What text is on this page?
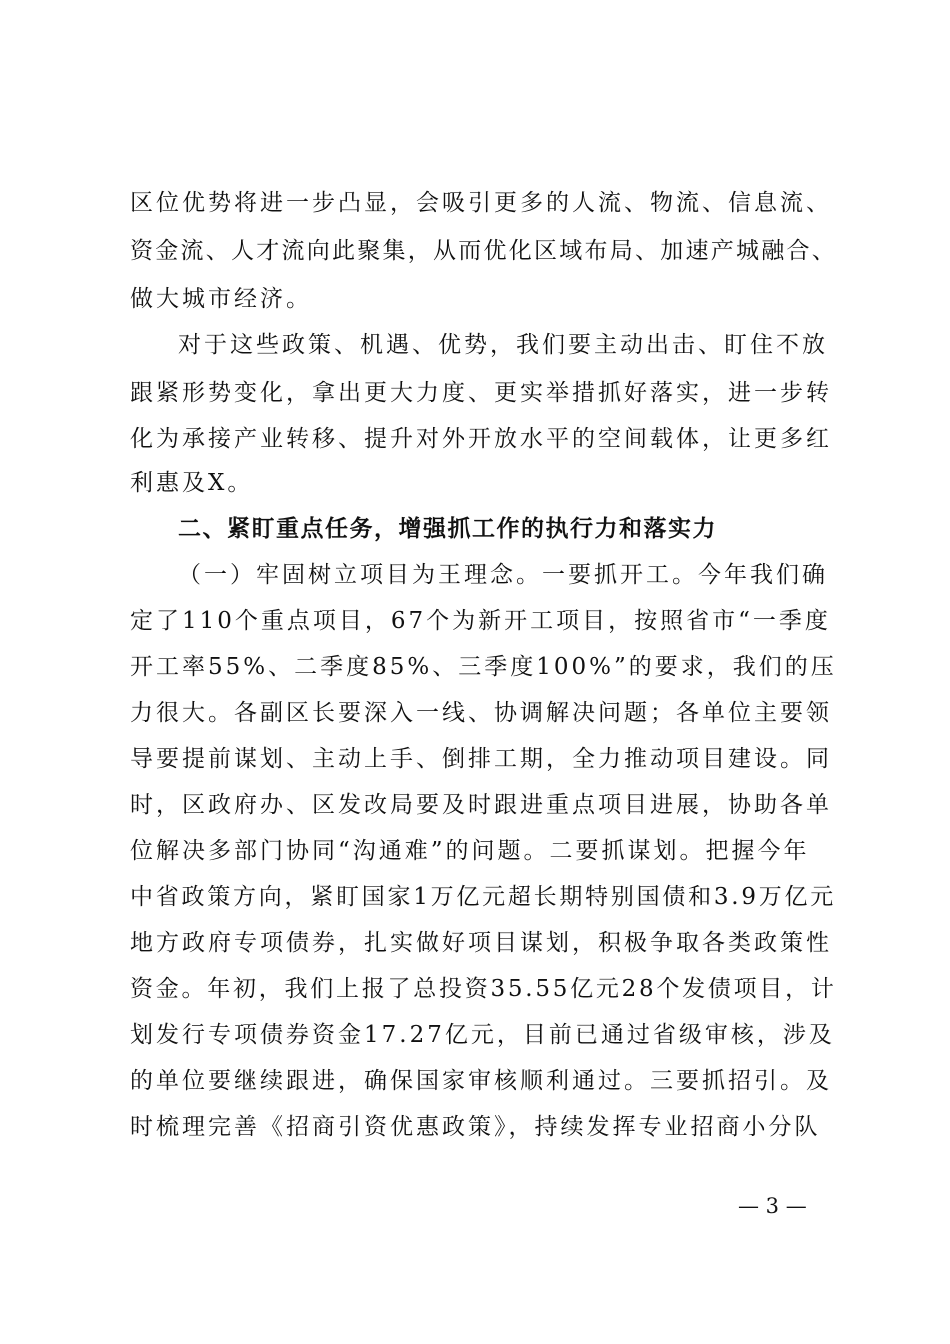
区位优势将进一步凸显，会吸引更多的人流、物流、信息流、
资金流、人才流向此聚集，从而优化区域布局、加速产城融合、
做大城市经济。
对于这些政策、机遇、优势，我们要主动出击、盯住不放
跟紧形势变化，拿出更大力度、更实举措抓好落实，进一步转
化为承接产业转移、提升对外开放水平的空间载体，让更多红
利惠及X。
二、紧盯重点任务，增强抓工作的执行力和落实力
（一）牢固树立项目为王理念。一要抓开工。今年我们确
定了110个重点项目，67个为新开工项目，按照省市“一季度
开工率55%、二季度85%、三季度100%”的要求，我们的压
力很大。各副区长要深入一线、协调解决问题；各单位主要领
导要提前谋划、主动上手、倒排工期，全力推动项目建设。同
时，区政府办、区发改局要及时跟进重点项目进展，协助各单
位解决多部门协同“沟通难”的问题。二要抓谋划。把握今年
中省政策方向，紧盯国家1万亿元超长期特别国债和3.9万亿元
地方政府专项债券，扎实做好项目谋划，积极争取各类政策性
资金。年初，我们上报了总投资35.55亿元28个发债项目，计
划发行专项债券资金17.27亿元，目前已通过省级审核，涉及
的单位要继续跟进，确保国家审核顺利通过。三要抓招引。及
时梳理完善《招商引资优惠政策》，持续发挥专业招商小分队
— 3 —
